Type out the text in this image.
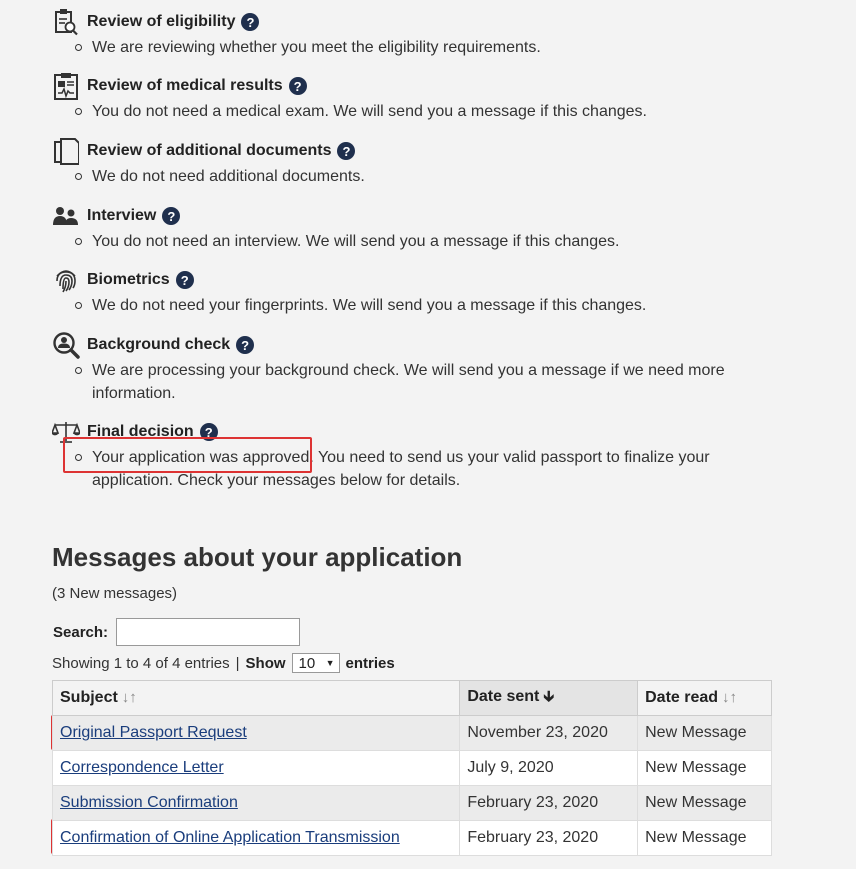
Review of eligibility ?
We are reviewing whether you meet the eligibility requirements.
Review of medical results ?
You do not need a medical exam. We will send you a message if this changes.
Review of additional documents ?
We do not need additional documents.
Interview ?
You do not need an interview. We will send you a message if this changes.
Biometrics ?
We do not need your fingerprints. We will send you a message if this changes.
Background check ?
We are processing your background check. We will send you a message if we need more information.
Final decision ?
Your application was approved. You need to send us your valid passport to finalize your application. Check your messages below for details.
Messages about your application
(3 New messages)
Search:
Showing 1 to 4 of 4 entries | Show 10 ▼ entries
Subject ↓↑	Date sent 🡳	Date read ↓↑
Original Passport Request	November 23, 2020	New Message
Correspondence Letter	July 9, 2020	New Message
Submission Confirmation	February 23, 2020	New Message
Confirmation of Online Application Transmission	February 23, 2020	New Message
